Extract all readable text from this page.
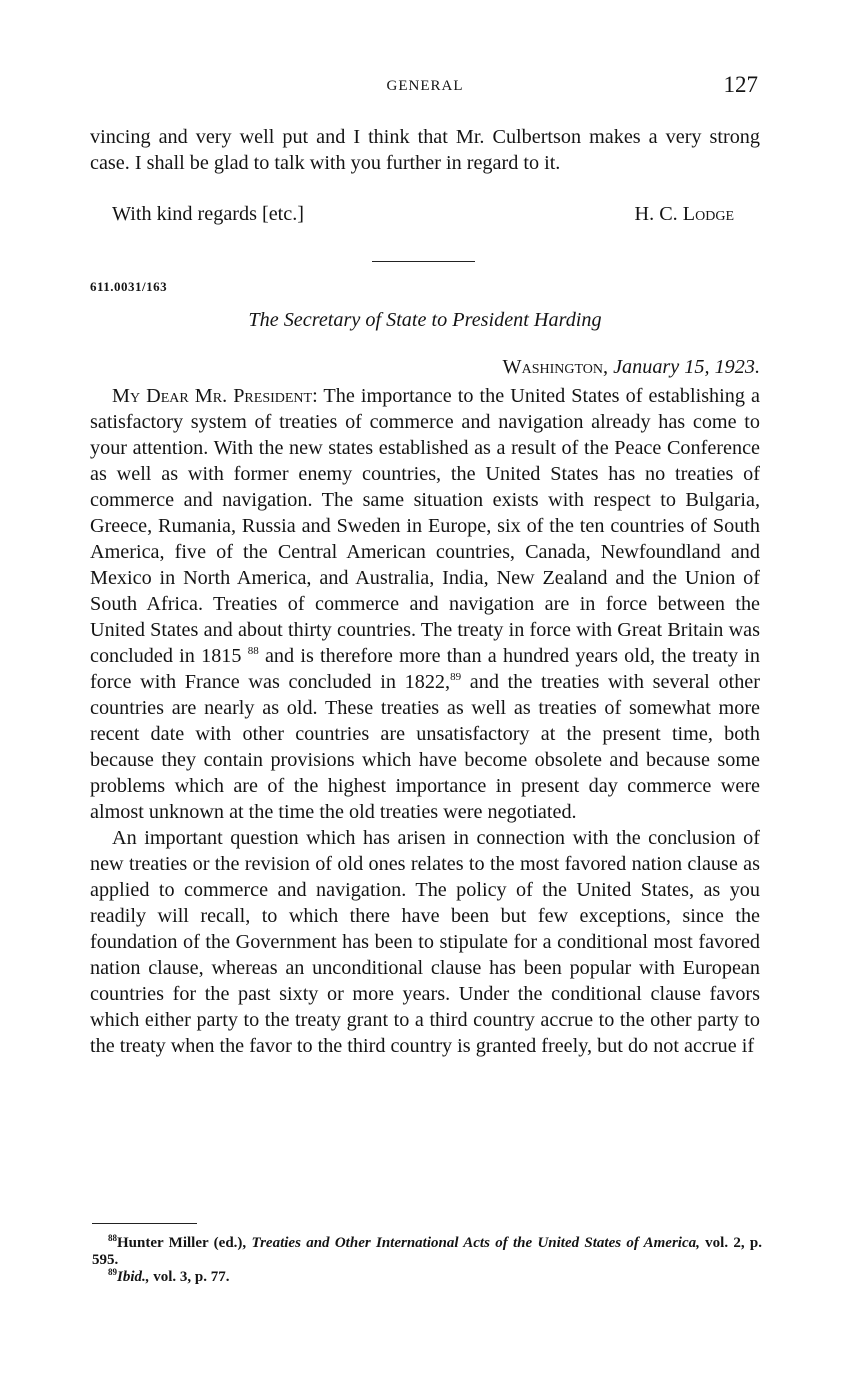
GENERAL	127

vincing and very well put and I think that Mr. Culbertson makes a very strong case. I shall be glad to talk with you further in regard to it.

With kind regards [etc.]	H. C. Lodge
611.0031/163
The Secretary of State to President Harding
Washington, January 15, 1923.

My Dear Mr. President: The importance to the United States of establishing a satisfactory system of treaties of commerce and navigation already has come to your attention. With the new states established as a result of the Peace Conference as well as with former enemy countries, the United States has no treaties of commerce and navigation. The same situation exists with respect to Bulgaria, Greece, Rumania, Russia and Sweden in Europe, six of the ten countries of South America, five of the Central American countries, Canada, Newfoundland and Mexico in North America, and Australia, India, New Zealand and the Union of South Africa. Treaties of commerce and navigation are in force between the United States and about thirty countries. The treaty in force with Great Britain was concluded in 1815 $^{88}$ and is therefore more than a hundred years old, the treaty in force with France was concluded in 1822,89 and the treaties with several other countries are nearly as old. These treaties as well as treaties of somewhat more recent date with other countries are unsatisfactory at the present time, both because they contain provisions which have become obsolete and because some problems which are of the highest importance in present day commerce were almost unknown at the time the old treaties were negotiated.

An important question which has arisen in connection with the conclusion of new treaties or the revision of old ones relates to the most favored nation clause as applied to commerce and navigation. The policy of the United States, as you readily will recall, to which there have been but few exceptions, since the foundation of the Government has been to stipulate for a conditional most favored nation clause, whereas an unconditional clause has been popular with European countries for the past sixty or more years. Under the conditional clause favors which either party to the treaty grant to a third country accrue to the other party to the treaty when the favor to the third country is granted freely, but do not accrue if

$^{88}$Hunter Miller (ed.), Treaties and Other International Acts of the United States of America, vol. 2, p. 595.

$^{89}$Ibid., vol. 3, p. 77.
